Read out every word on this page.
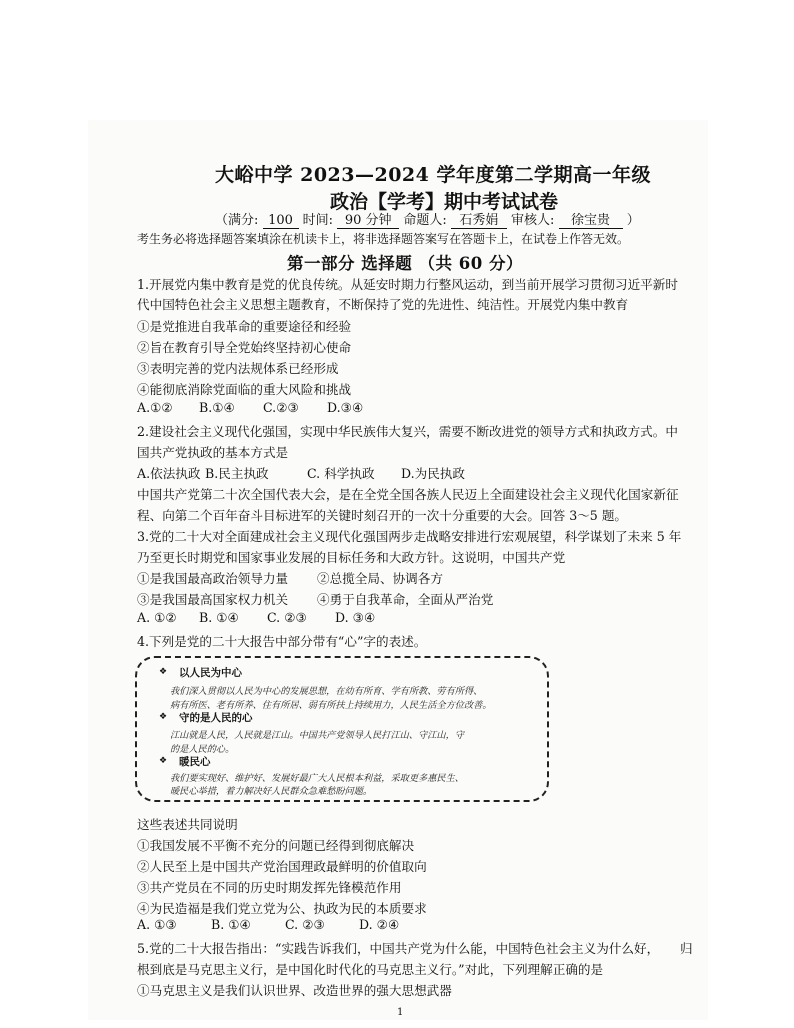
大峪中学 2023—2024 学年度第二学期高一年级
政治【学考】期中考试试卷
（满分: 100 时间: 90 分钟 命题人: 石秀娟 审核人: 徐宝贵 ）
考生务必将选择题答案填涂在机读卡上，将非选择题答案写在答题卡上，在试卷上作答无效。
第一部分 选择题 （共 60 分）
1.开展党内集中教育是党的优良传统。从延安时期力行整风运动，到当前开展学习贯彻习近平新时
代中国特色社会主义思想主题教育，不断保持了党的先进性、纯洁性。开展党内集中教育
①是党推进自我革命的重要途径和经验
②旨在教育引导全党始终坚持初心使命
③表明完善的党内法规体系已经形成
④能彻底消除党面临的重大风险和挑战
A.①② B.①④ C.②③ D.③④
2.建设社会主义现代化强国，实现中华民族伟大复兴，需要不断改进党的领导方式和执政方式。中
国共产党执政的基本方式是
A.依法执政 B.民主执政	C. 科学执政 D.为民执政
中国共产党第二十次全国代表大会，是在全党全国各族人民迈上全面建设社会主义现代化国家新征
程、向第二个百年奋斗目标进军的关键时刻召开的一次十分重要的大会。回答 3～5 题。
3.党的二十大对全面建成社会主义现代化强国两步走战略安排进行宏观展望，科学谋划了未来 5 年
乃至更长时期党和国家事业发展的目标任务和大政方针。这说明，中国共产党
①是我国最高政治领导力量 ②总揽全局、协调各方
③是我国最高国家权力机关 ④勇于自我革命，全面从严治党
A. ①② B. ①④ C. ②③ D. ③④
4.下列是党的二十大报告中部分带有“心”字的表述。
❖ 以人民为中心
我们深入贯彻以人民为中心的发展思想，在幼有所育、学有所教、劳有所得、
病有所医、老有所养、住有所居、弱有所扶上持续用力，人民生活全方位改善。
❖ 守的是人民的心
江山就是人民，人民就是江山。中国共产党领导人民打江山、守江山，守
的是人民的心。
❖ 暖民心
我们要实现好、维护好、发展好最广大人民根本利益，采取更多惠民生、
暖民心举措，着力解决好人民群众急难愁盼问题。
这些表述共同说明
①我国发展不平衡不充分的问题已经得到彻底解决
②人民至上是中国共产党治国理政最鲜明的价值取向
③共产党员在不同的历史时期发挥先锋模范作用
④为民造福是我们党立党为公、执政为民的本质要求
A. ①③	B. ①④	C. ②③	D. ②④
5.党的二十大报告指出：“实践告诉我们，中国共产党为什么能，中国特色社会主义为什么好， 归
根到底是马克思主义行，是中国化时代化的马克思主义行。”对此，下列理解正确的是
①马克思主义是我们认识世界、改造世界的强大思想武器
1
